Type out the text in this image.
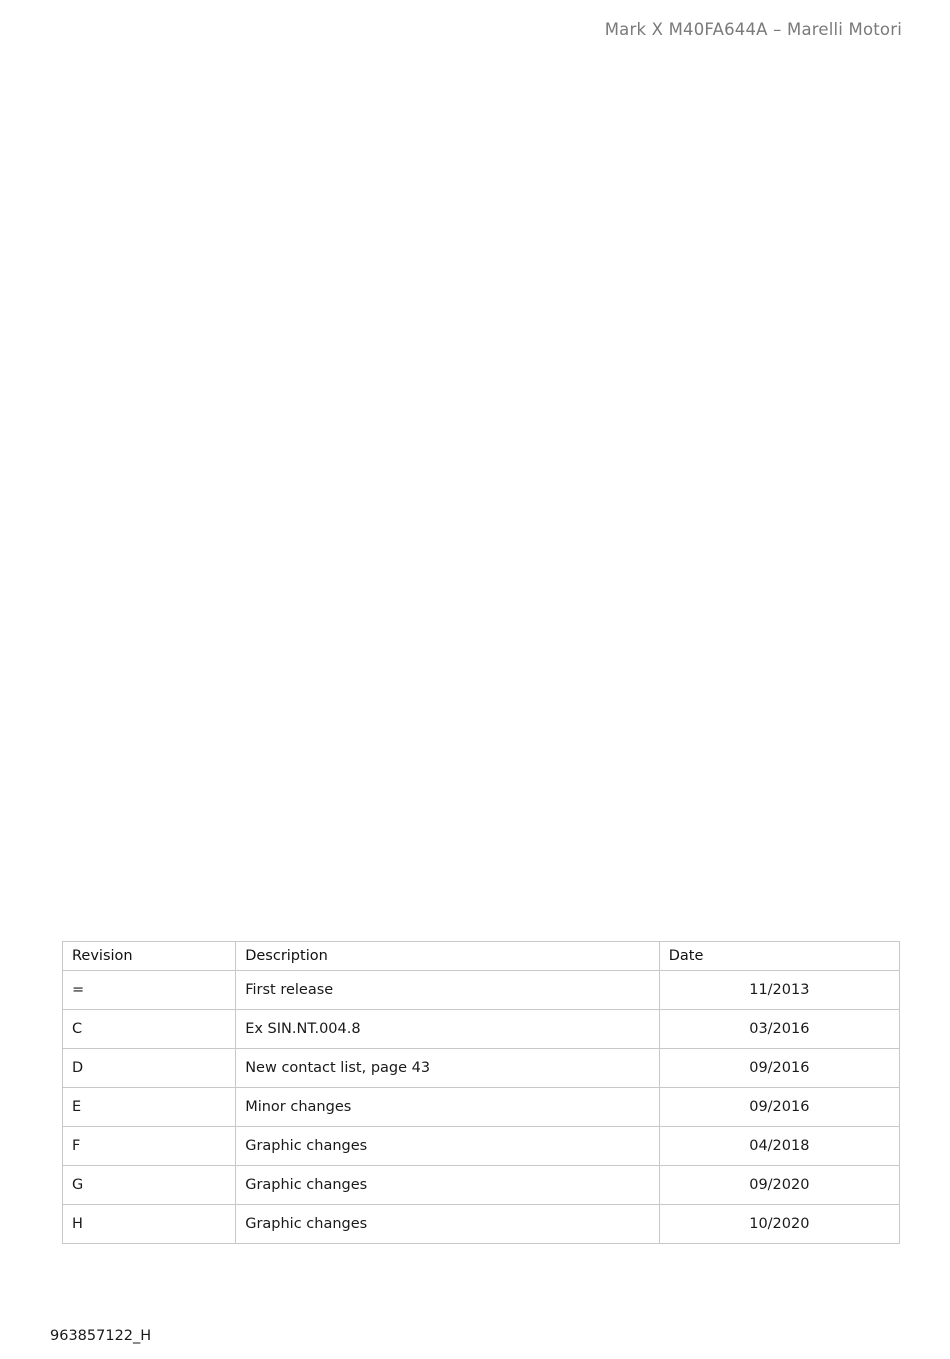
Mark X M40FA644A – Marelli Motori
Revision	Description	Date
=	First release	11/2013
C	Ex SIN.NT.004.8	03/2016
D	New contact list, page 43	09/2016
E	Minor changes	09/2016
F	Graphic changes	04/2018
G	Graphic changes	09/2020
H	Graphic changes	10/2020
963857122_H
